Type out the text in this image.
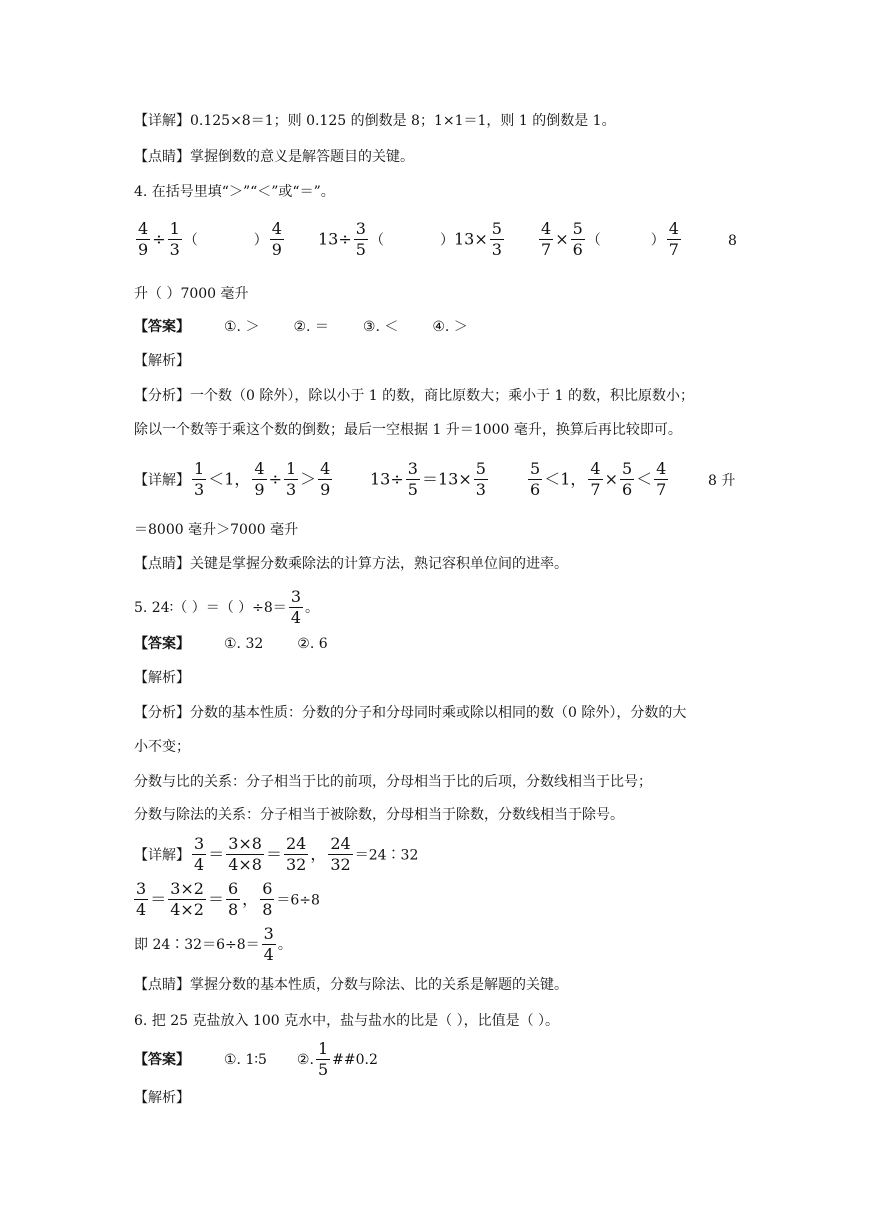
【详解】0.125×8＝1；则 0.125 的倒数是 8；1×1＝1，则 1 的倒数是 1。
【点睛】掌握倒数的意义是解答题目的关键。
4. 在括号里填“＞”“＜”或“＝”。
$\frac{4}{9} \div \frac{1}{3}$ （	） $\frac{4}{9} 13\div \frac{3}{5}$ （	）$13\times \frac{5}{3} \frac{4}{7} \times \frac{5}{6}$ （	） $\frac{4}{7}$	8
升（ ）7000 毫升
【答案】 ①. ＞ ②. ＝ ③. ＜ ④. ＞
【解析】
【分析】一个数（0 除外），除以小于 1 的数，商比原数大；乘小于 1 的数，积比原数小；
除以一个数等于乘这个数的倒数；最后一空根据 1 升＝1000 毫升，换算后再比较即可。
【详解】 $\frac{1}{3} <1$， $\frac{4}{9} \div \frac{1}{3} > \frac{4}{9} 13\div \frac{3}{5} =13\times \frac{5}{3}$	$\frac{5}{6} <1$， $\frac{4}{7} \times \frac{5}{6} < \frac{4}{7}$	8 升
＝8000 毫升＞7000 毫升
【点睛】关键是掌握分数乘除法的计算方法，熟记容积单位间的进率。
5. 24∶（ ）＝（ ）$\div 8= \frac{3}{4}$ 。
【答案】 ①. 32 ②. 6
【解析】
【分析】分数的基本性质：分数的分子和分母同时乘或除以相同的数（0 除外），分数的大
小不变；
分数与比的关系：分子相当于比的前项，分母相当于比的后项，分数线相当于比号；
分数与除法的关系：分子相当于被除数，分母相当于除数，分数线相当于除号。
【详解】 $\frac{3}{4} = \frac{3\times 8}{4\times 8} = \frac{24}{32}$ ， $\frac{24}{32}$ ＝24∶32
$\frac{3}{4} = \frac{3\times 2}{4\times 2} = \frac{6}{8}$ ， $\frac{6}{8} =6\div 8$
即 24∶32＝6÷8＝ $\frac{3}{4}$ 。
【点睛】掌握分数的基本性质，分数与除法、比的关系是解题的关键。
6. 把 25 克盐放入 100 克水中，盐与盐水的比是（ ），比值是（ ）。
【答案】 ①. 1∶5 ②. $\frac{1}{5}$ ##0.2
【解析】
